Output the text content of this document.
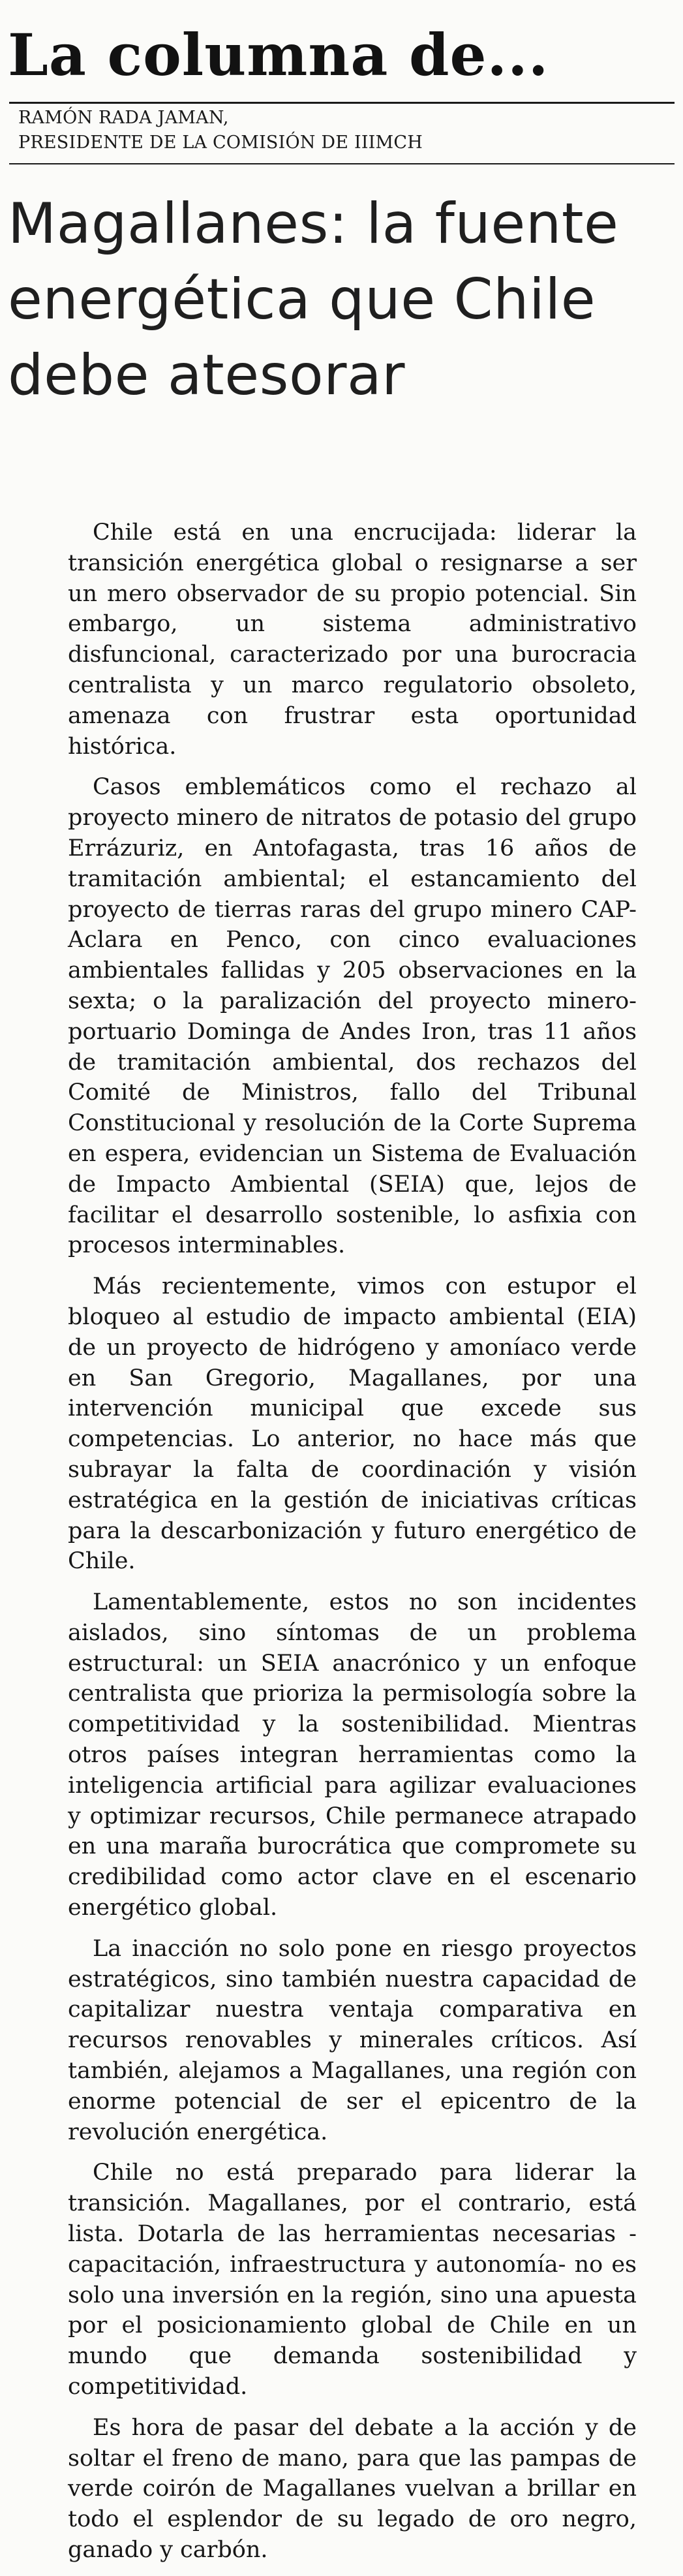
La columna de...
RAMÓN RADA JAMAN,
PRESIDENTE DE LA COMISIÓN DE IIIMCH
Magallanes: la fuente energética que Chile debe atesorar

Chile está en una encrucijada: liderar la transición energética global o resignarse a ser un mero observador de su propio potencial. Sin embargo, un sistema administrativo disfuncional, caracterizado por una burocracia centralista y un marco regulatorio obsoleto, amenaza con frustrar esta oportunidad histórica.

Casos emblemáticos como el rechazo al proyecto minero de nitratos de potasio del grupo Errázuriz, en Antofagasta, tras 16 años de tramitación ambiental; el estancamiento del proyecto de tierras raras del grupo minero CAP-Aclara en Penco, con cinco evaluaciones ambientales fallidas y 205 observaciones en la sexta; o la paralización del proyecto minero-portuario Dominga de Andes Iron, tras 11 años de tramitación ambiental, dos rechazos del Comité de Ministros, fallo del Tribunal Constitucional y resolución de la Corte Suprema en espera, evidencian un Sistema de Evaluación de Impacto Ambiental (SEIA) que, lejos de facilitar el desarrollo sostenible, lo asfixia con procesos interminables.

Más recientemente, vimos con estupor el bloqueo al estudio de impacto ambiental (EIA) de un proyecto de hidrógeno y amoníaco verde en San Gregorio, Magallanes, por una intervención municipal que excede sus competencias. Lo anterior, no hace más que subrayar la falta de coordinación y visión estratégica en la gestión de iniciativas críticas para la descarbonización y futuro energético de Chile.

Lamentablemente, estos no son incidentes aislados, sino síntomas de un problema estructural: un SEIA anacrónico y un enfoque centralista que prioriza la permisología sobre la competitividad y la sostenibilidad. Mientras otros países integran herramientas como la inteligencia artificial para agilizar evaluaciones y optimizar recursos, Chile permanece atrapado en una maraña burocrática que compromete su credibilidad como actor clave en el escenario energético global.

La inacción no solo pone en riesgo proyectos estratégicos, sino también nuestra capacidad de capitalizar nuestra ventaja comparativa en recursos renovables y minerales críticos. Así también, alejamos a Magallanes, una región con enorme potencial de ser el epicentro de la revolución energética.

Chile no está preparado para liderar la transición. Magallanes, por el contrario, está lista. Dotarla de las herramientas necesarias -capacitación, infraestructura y autonomía- no es solo una inversión en la región, sino una apuesta por el posicionamiento global de Chile en un mundo que demanda sostenibilidad y competitividad.

Es hora de pasar del debate a la acción y de soltar el freno de mano, para que las pampas de verde coirón de Magallanes vuelvan a brillar en todo el esplendor de su legado de oro negro, ganado y carbón.
